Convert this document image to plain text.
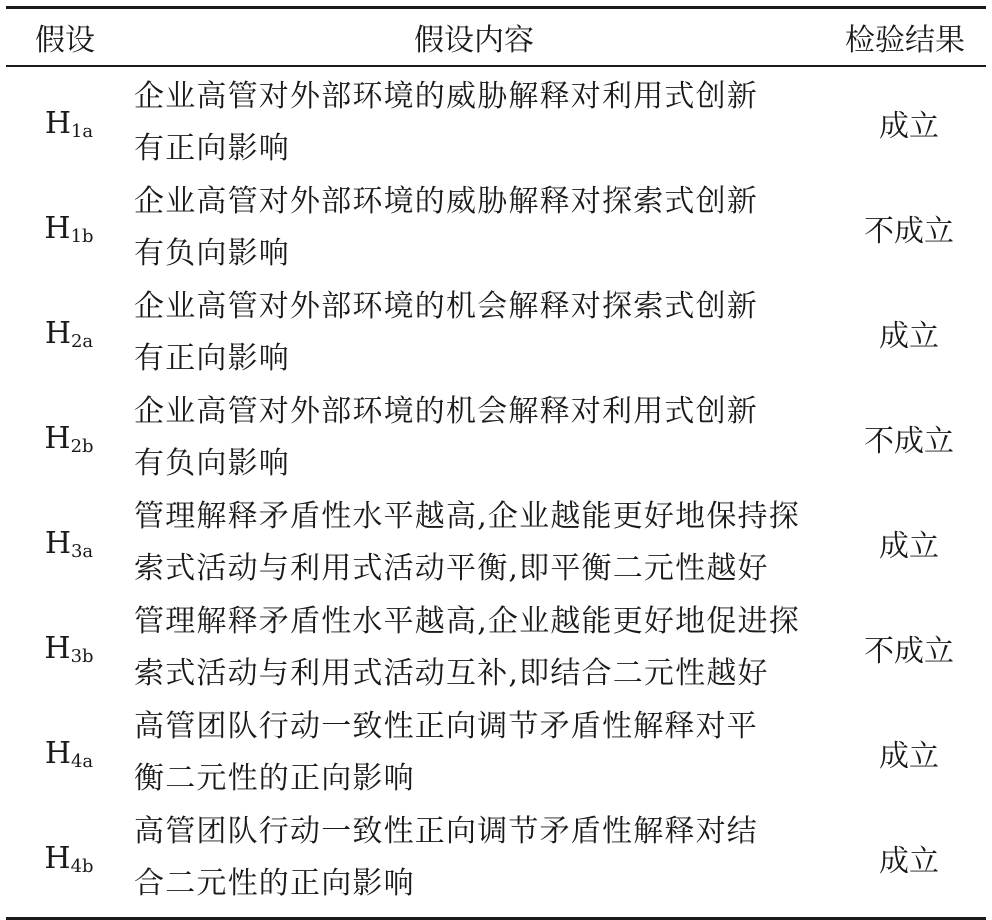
假设	假设内容	检验结果
$H_{1a}$
企业高管对外部环境的威胁解释对利用式创新
有正向影响
成立
$H_{1b}$
企业高管对外部环境的威胁解释对探索式创新
有负向影响
不成立
$H_{2a}$
企业高管对外部环境的机会解释对探索式创新
有正向影响
成立
$H_{2b}$
企业高管对外部环境的机会解释对利用式创新
有负向影响
不成立
$H_{3a}$
管理解释矛盾性水平越高,企业越能更好地保持探
索式活动与利用式活动平衡,即平衡二元性越好
成立
$H_{3b}$
管理解释矛盾性水平越高,企业越能更好地促进探
索式活动与利用式活动互补,即结合二元性越好
不成立
$H_{4a}$
高管团队行动一致性正向调节矛盾性解释对平
衡二元性的正向影响
成立
$H_{4b}$
高管团队行动一致性正向调节矛盾性解释对结
合二元性的正向影响
成立
